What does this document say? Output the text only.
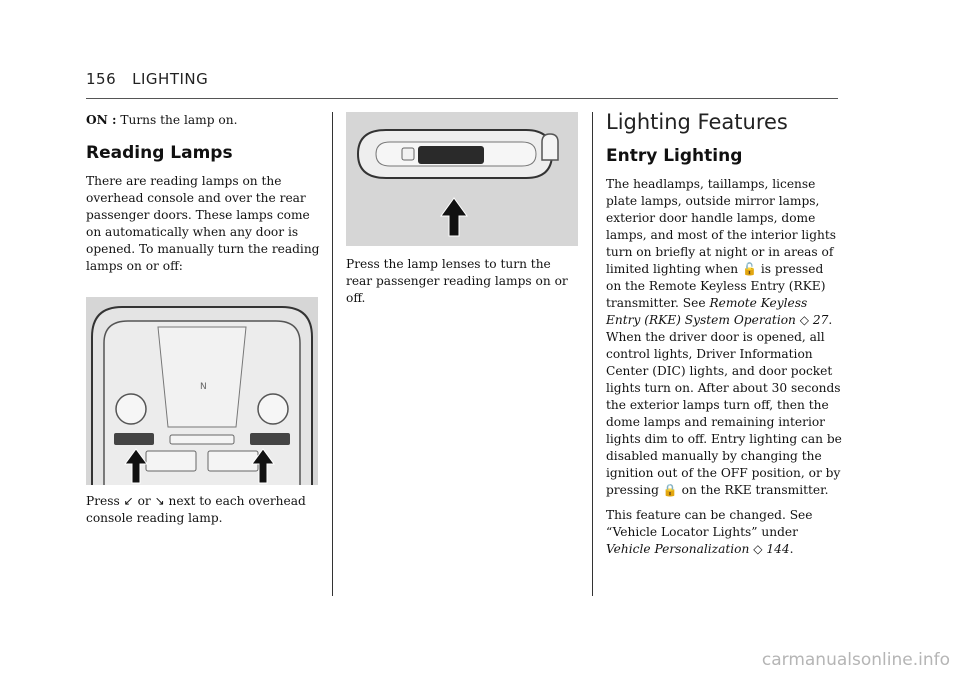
156 LIGHTING

ON : Turns the lamp on.

Reading Lamps

There are reading lamps on the overhead console and over the rear passenger doors. These lamps come on automatically when any door is opened. To manually turn the reading lamps on or off:

N

Press ↙ or ↘ next to each overhead console reading lamp.

Press the lamp lenses to turn the rear passenger reading lamps on or off.

Lighting Features
Entry Lighting

The headlamps, taillamps, license plate lamps, outside mirror lamps, exterior door handle lamps, dome lamps, and most of the interior lights turn on briefly at night or in areas of limited lighting when 🔓 is pressed on the Remote Keyless Entry (RKE) transmitter. See Remote Keyless Entry (RKE) System Operation ◇ 27. When the driver door is opened, all control lights, Driver Information Center (DIC) lights, and door pocket lights turn on. After about 30 seconds the exterior lamps turn off, then the dome lamps and remaining interior lights dim to off. Entry lighting can be disabled manually by changing the ignition out of the OFF position, or by pressing 🔒 on the RKE transmitter.

This feature can be changed. See “Vehicle Locator Lights” under Vehicle Personalization ◇ 144.

carmanualsonline.info
